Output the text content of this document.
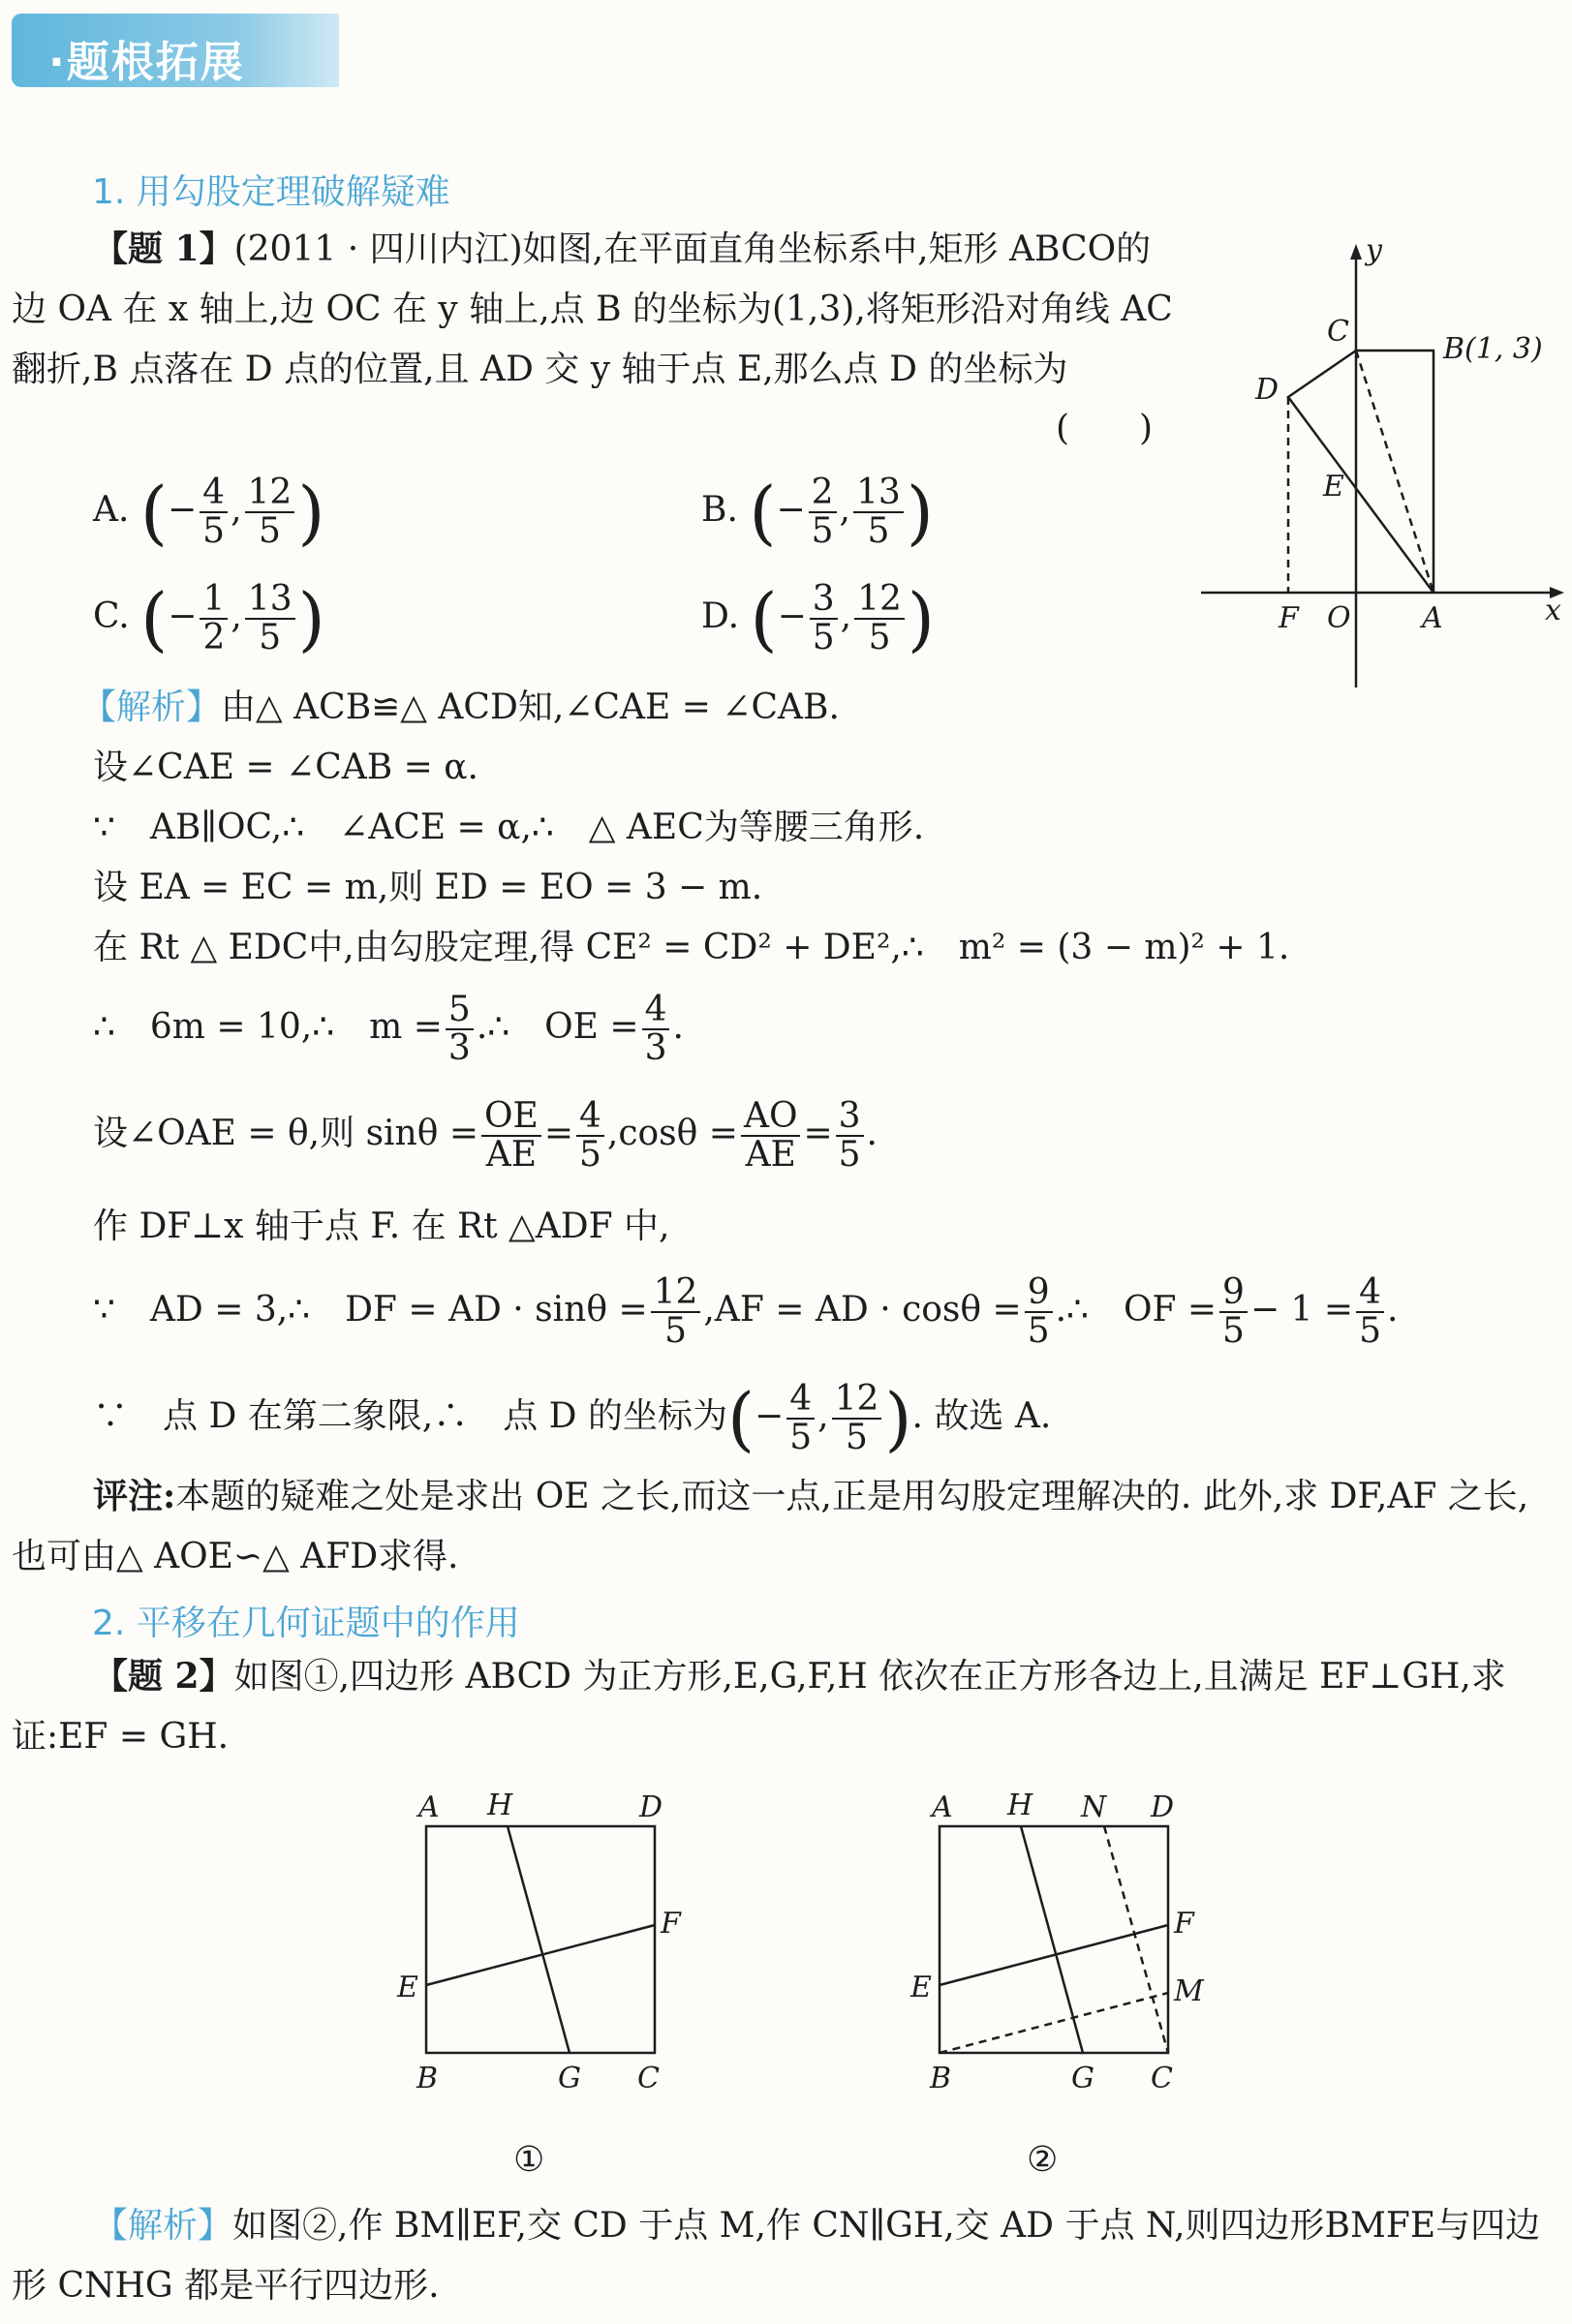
·题根拓展
1. 用勾股定理破解疑难
【题 1】(2011 · 四川内江)如图,在平面直角坐标系中,矩形 ABCO的边 OA 在 x 轴上,边 OC 在 y 轴上,点 B 的坐标为(1,3),将矩形沿对角线 AC 翻折,B 点落在 D 点的位置,且 AD 交 y 轴于点 E,那么点 D 的坐标为
(　　)
A. (− $\frac{4}{5}$ , $\frac{12}{5}$ )	B. (− $\frac{2}{5}$ , $\frac{13}{5}$ )
C. (− $\frac{1}{2}$ , $\frac{13}{5}$ )	D. (− $\frac{3}{5}$ , $\frac{12}{5}$ )
y
x
C
B(1, 3)
D
E
F O A
【解析】由△ ACB≌△ ACD知,∠CAE = ∠CAB.
设∠CAE = ∠CAB = α.
∵　AB∥OC,∴　∠ACE = α,∴　△ AEC为等腰三角形.
设 EA = EC = m,则 ED = EO = 3 − m.
在 Rt △ EDC中,由勾股定理,得 CE² = CD² + DE²,∴　m² = (3 − m)² + 1.
∴　6m = 10,∴　$m = \frac{5}{3}$ .∴　OE = $\frac{4}{3}$ .
设∠OAE = θ,则 $\sin\theta = \frac{OE}{AE} = \frac{4}{5} ,\cos\theta = \frac{AO}{AE} = \frac{3}{5}$ .
作 DF⊥x 轴于点 F. 在 Rt △ADF 中,
∵　AD = 3,∴　DF = AD · $\sin\theta = \frac{12}{5} ,AF$ = AD · $\cos\theta = \frac{9}{5}$ .∴　OF = $\frac{9}{5} - 1 = \frac{4}{5}$ .
∵　点 D 在第二象限,∴　点 D 的坐标为(− $\frac{4}{5}$ , $\frac{12}{5}$ ). 故选 A.
评注:本题的疑难之处是求出 OE 之长,而这一点,正是用勾股定理解决的. 此外,求 DF,AF 之长,也可由△ AOE∽△ AFD求得.
2. 平移在几何证题中的作用
【题 2】如图①,四边形 ABCD 为正方形,E,G,F,H 依次在正方形各边上,且满足 EF⊥GH,求证:EF = GH.
A H	D
F
E
B	G C
①
A H N D
F
E	M
B	G C
②
【解析】如图②,作 BM∥EF,交 CD 于点 M,作 CN∥GH,交 AD 于点 N,则四边形BMFE与四边形 CNHG 都是平行四边形.
